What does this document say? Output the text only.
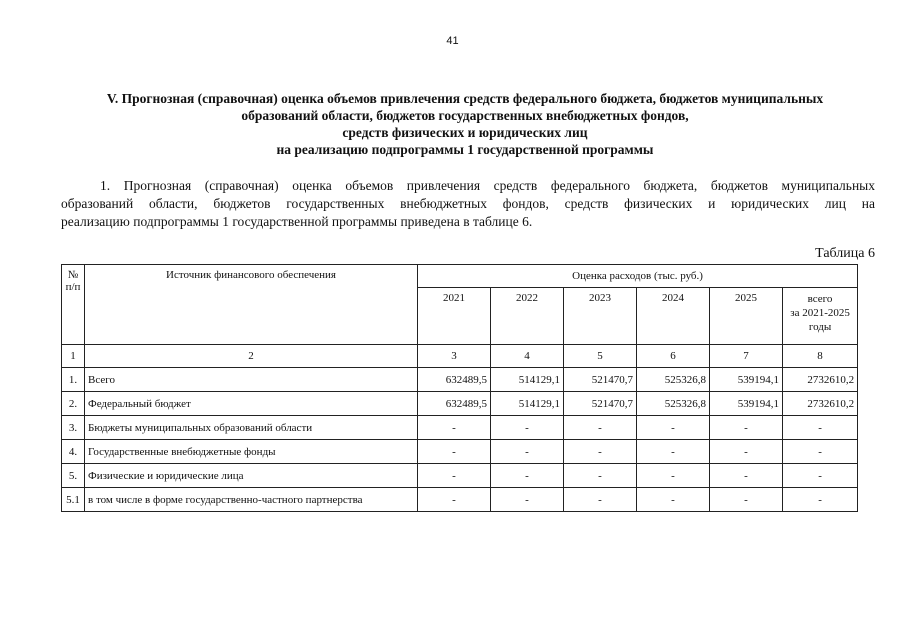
41
V. Прогнозная (справочная) оценка объемов привлечения средств федерального бюджета, бюджетов муниципальных
образований области, бюджетов государственных внебюджетных фондов,
средств физических и юридических лиц
на реализацию подпрограммы 1 государственной программы
1. Прогнозная (справочная) оценка объемов привлечения средств федерального бюджета, бюджетов муниципальных
образований области, бюджетов государственных внебюджетных фондов, средств физических и юридических лиц на
реализацию подпрограммы 1 государственной программы приведена в таблице 6.
Таблица 6
№ п/п	Источник финансового обеспечения	Оценка расходов (тыс. руб.)					
		2021	2022	2023	2024	2025	всего
за 2021-2025
годы

1	2	3	4	5	6	7	8
1.	Всего	632489,5	514129,1	521470,7	525326,8	539194,1	2732610,2
2.	Федеральный бюджет	632489,5	514129,1	521470,7	525326,8	539194,1	2732610,2
3.	Бюджеты муниципальных образований области	-	-	-	-	-	-
4.	Государственные внебюджетные фонды	-	-	-	-	-	-
5.	Физические и юридические лица	-	-	-	-	-	-
5.1	в том числе в форме государственно-частного партнерства	-	-	-	-	-	-
